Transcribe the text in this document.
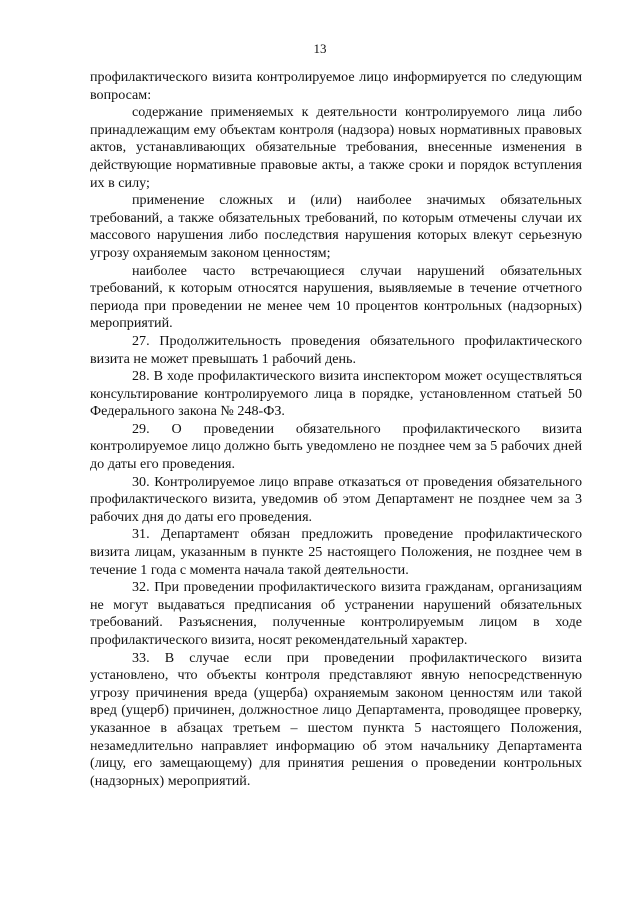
13

профилактического визита контролируемое лицо информируется по следующим вопросам:

содержание применяемых к деятельности контролируемого лица либо принадлежащим ему объектам контроля (надзора) новых нормативных правовых актов, устанавливающих обязательные требования, внесенные изменения в действующие нормативные правовые акты, а также сроки и порядок вступления их в силу;

применение сложных и (или) наиболее значимых обязательных требований, а также обязательных требований, по которым отмечены случаи их массового нарушения либо последствия нарушения которых влекут серьезную угрозу охраняемым законом ценностям;

наиболее часто встречающиеся случаи нарушений обязательных требований, к которым относятся нарушения, выявляемые в течение отчетного периода при проведении не менее чем 10 процентов контрольных (надзорных) мероприятий.

27. Продолжительность проведения обязательного профилактического визита не может превышать 1 рабочий день.

28. В ходе профилактического визита инспектором может осуществляться консультирование контролируемого лица в порядке, установленном статьей 50 Федерального закона № 248-ФЗ.

29. О проведении обязательного профилактического визита контролируемое лицо должно быть уведомлено не позднее чем за 5 рабочих дней до даты его проведения.

30. Контролируемое лицо вправе отказаться от проведения обязательного профилактического визита, уведомив об этом Департамент не позднее чем за 3 рабочих дня до даты его проведения.

31. Департамент обязан предложить проведение профилактического визита лицам, указанным в пункте 25 настоящего Положения, не позднее чем в течение 1 года с момента начала такой деятельности.

32. При проведении профилактического визита гражданам, организациям не могут выдаваться предписания об устранении нарушений обязательных требований. Разъяснения, полученные контролируемым лицом в ходе профилактического визита, носят рекомендательный характер.

33. В случае если при проведении профилактического визита установлено, что объекты контроля представляют явную непосредственную угрозу причинения вреда (ущерба) охраняемым законом ценностям или такой вред (ущерб) причинен, должностное лицо Департамента, проводящее проверку, указанное в абзацах третьем – шестом пункта 5 настоящего Положения, незамедлительно направляет информацию об этом начальнику Департамента (лицу, его замещающему) для принятия решения о проведении контрольных (надзорных) мероприятий.
